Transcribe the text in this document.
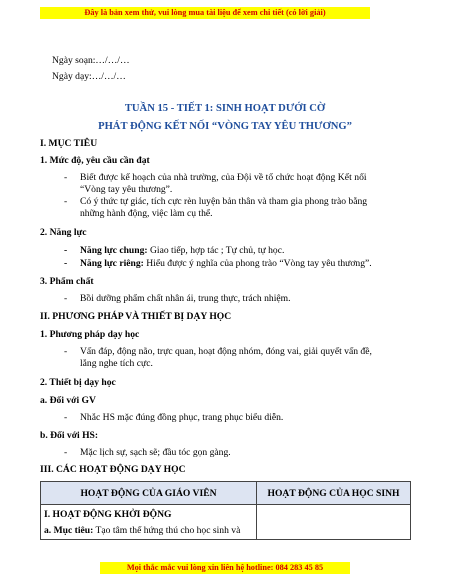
Đây là bản xem thử, vui lòng mua tài liệu để xem chi tiết (có lời giải)
Ngày soạn:…/…/…
Ngày dạy:…/…/…
TUẦN 15 - TIẾT 1: SINH HOẠT DƯỚI CỜ
PHÁT ĐỘNG KẾT NỐI “VÒNG TAY YÊU THƯƠNG”
I. MỤC TIÊU
1. Mức độ, yêu cầu cần đạt
- Biết được kế hoạch của nhà trường, của Đội về tổ chức hoạt động Kết nối
“Vòng tay yêu thương”.
- Có ý thức tự giác, tích cực rèn luyện bản thân và tham gia phong trào bằng
những hành động, việc làm cụ thể.
2. Năng lực
- Năng lực chung: Giao tiếp, hợp tác ; Tự chủ, tự học.
- Năng lực riêng: Hiểu được ý nghĩa của phong trào “Vòng tay yêu thương”.
3. Phẩm chất
- Bồi dưỡng phẩm chất nhân ái, trung thực, trách nhiệm.
II. PHƯƠNG PHÁP VÀ THIẾT BỊ DẠY HỌC
1. Phương pháp dạy học
- Vấn đáp, động não, trực quan, hoạt động nhóm, đóng vai, giải quyết vấn đề,
lắng nghe tích cực.
2. Thiết bị dạy học
a. Đối với GV
- Nhắc HS mặc đúng đồng phục, trang phục biểu diễn.
b. Đối với HS:
- Mặc lịch sự, sạch sẽ; đầu tóc gọn gàng.
III. CÁC HOẠT ĐỘNG DẠY HỌC
HOẠT ĐỘNG CỦA GIÁO VIÊN	HOẠT ĐỘNG CỦA HỌC SINH

I. HOẠT ĐỘNG KHỞI ĐỘNG
a. Mục tiêu: Tạo tâm thế hứng thú cho học sinh và	

Mọi thắc mắc vui lòng xin liên hệ hotline: 084 283 45 85
